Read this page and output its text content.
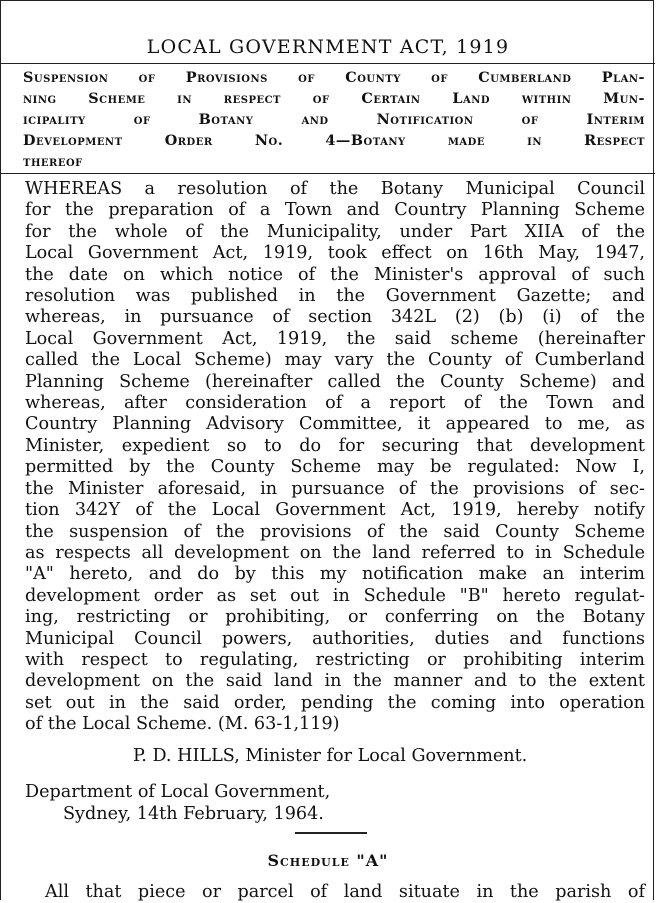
LOCAL GOVERNMENT ACT, 1919
Suspension of Provisions of County of Cumberland Plan-
ning Scheme in respect of Certain Land within Mun-
icipality of Botany and Notification of Interim
Development Order No. 4—Botany made in Respect
thereof
WHEREAS a resolution of the Botany Municipal Council
for the preparation of a Town and Country Planning Scheme
for the whole of the Municipality, under Part XIIA of the
Local Government Act, 1919, took effect on 16th May, 1947,
the date on which notice of the Minister's approval of such
resolution was published in the Government Gazette; and
whereas, in pursuance of section 342L (2) (b) (i) of the
Local Government Act, 1919, the said scheme (hereinafter
called the Local Scheme) may vary the County of Cumberland
Planning Scheme (hereinafter called the County Scheme) and
whereas, after consideration of a report of the Town and
Country Planning Advisory Committee, it appeared to me, as
Minister, expedient so to do for securing that development
permitted by the County Scheme may be regulated: Now I,
the Minister aforesaid, in pursuance of the provisions of sec-
tion 342Y of the Local Government Act, 1919, hereby notify
the suspension of the provisions of the said County Scheme
as respects all development on the land referred to in Schedule
"A" hereto, and do by this my notification make an interim
development order as set out in Schedule "B" hereto regulat-
ing, restricting or prohibiting, or conferring on the Botany
Municipal Council powers, authorities, duties and functions
with respect to regulating, restricting or prohibiting interim
development on the said land in the manner and to the extent
set out in the said order, pending the coming into operation
of the Local Scheme. (M. 63-1,119)
P. D. HILLS, Minister for Local Government.
Department of Local Government,
Sydney, 14th February, 1964.
Schedule "A"
All that piece or parcel of land situate in the parish of
